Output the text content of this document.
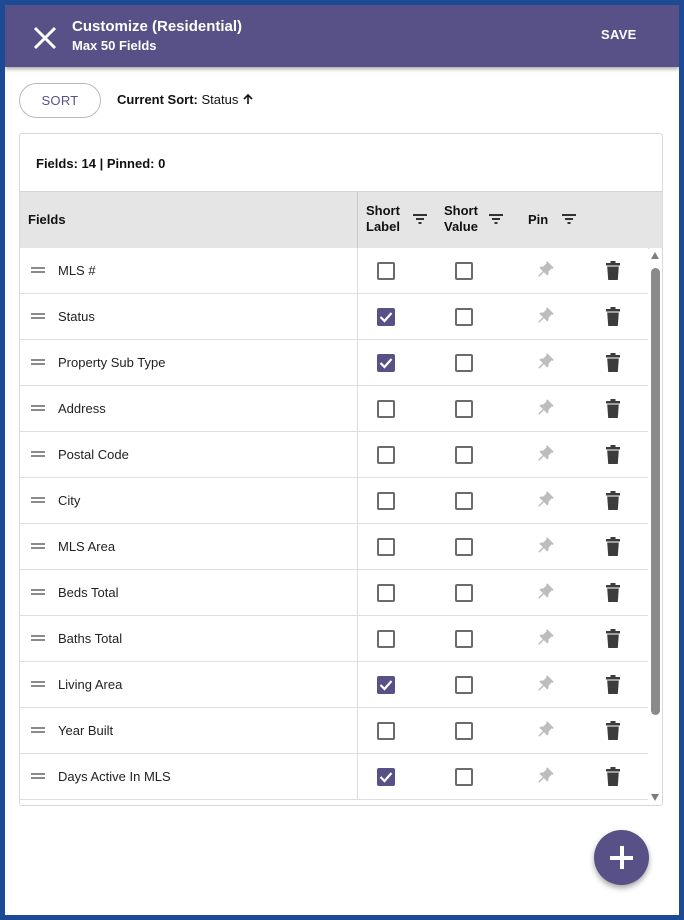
Customize (Residential)
Max 50 Fields
SAVE
SORT	Current Sort: Status
Fields: 14 | Pinned: 0
Fields
Short
Label
Short
Value	Pin
MLS #
Status
Property Sub Type
Address
Postal Code
City
MLS Area
Beds Total
Baths Total
Living Area
Year Built
Days Active In MLS
